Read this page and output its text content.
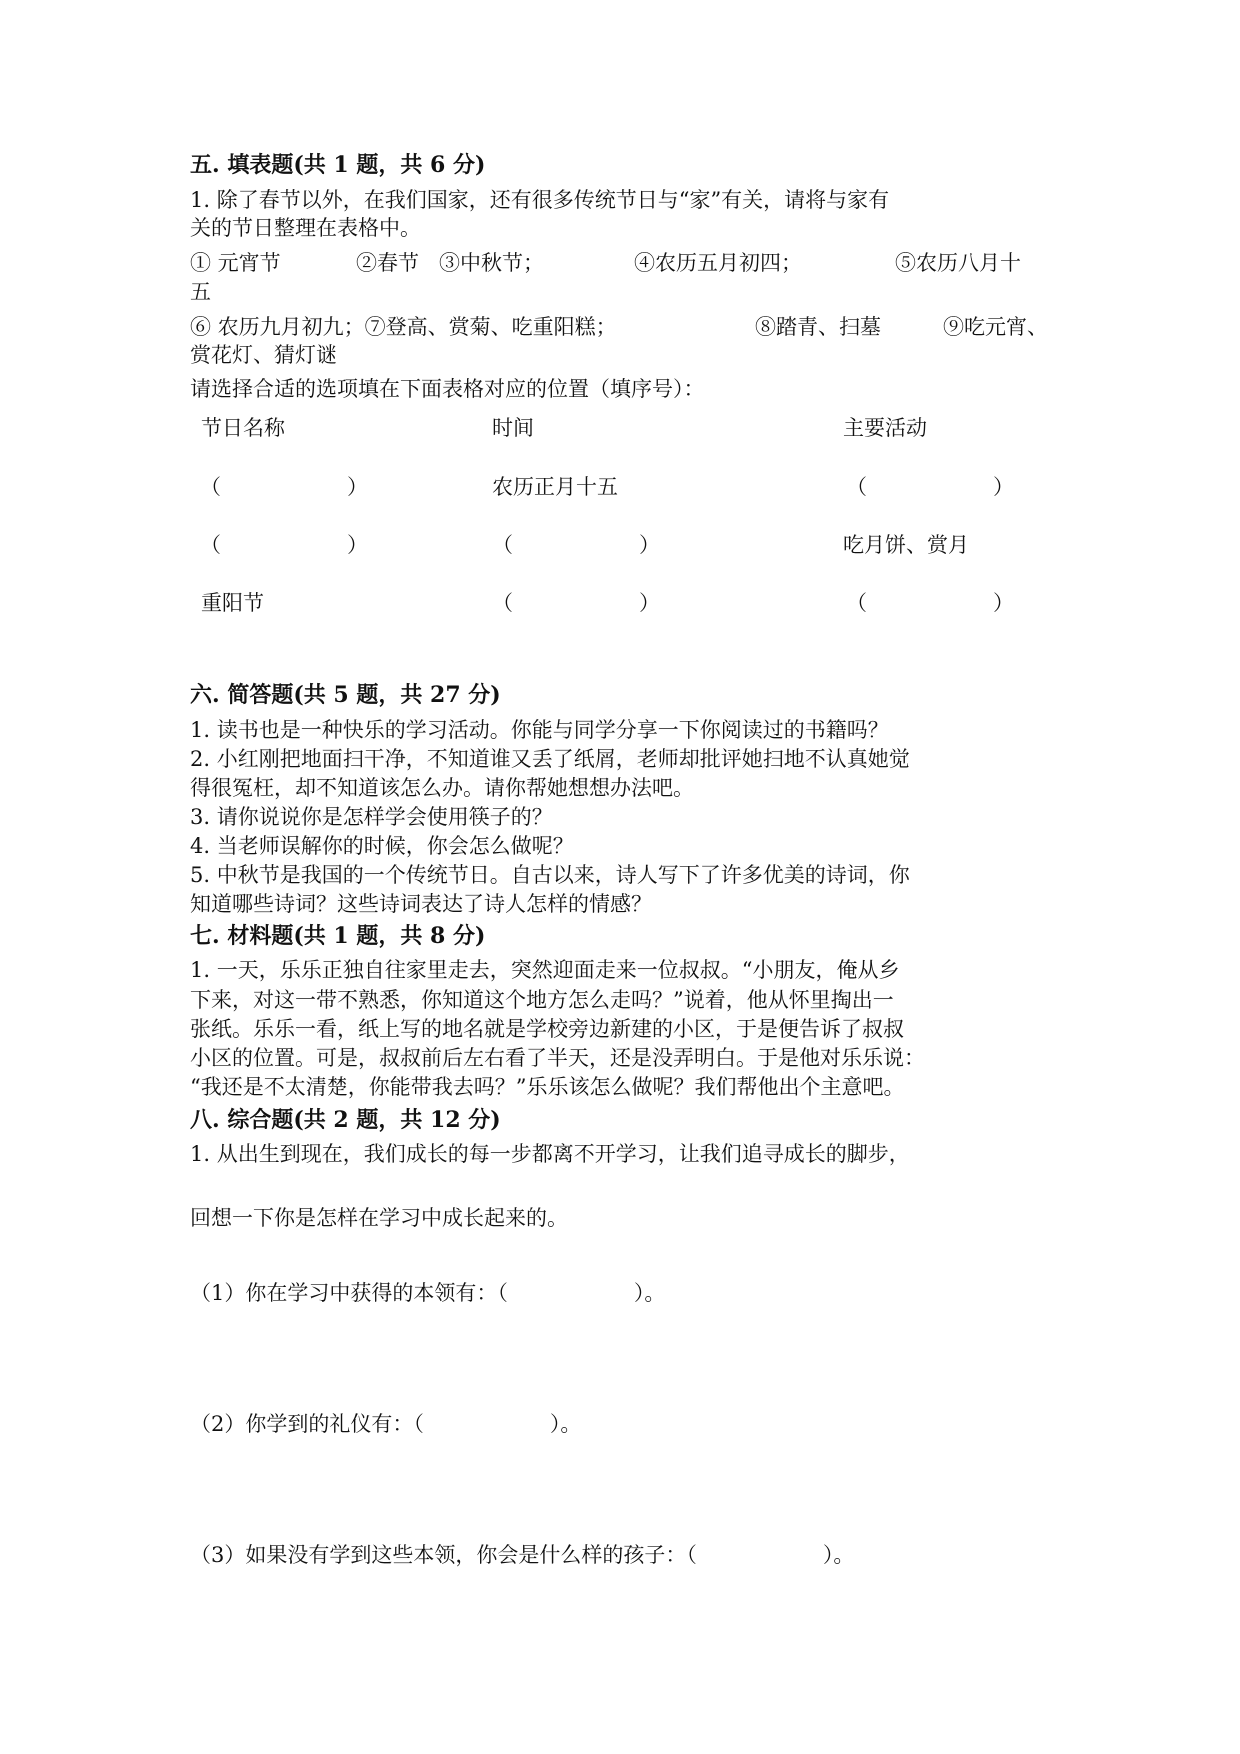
五. 填表题(共 1 题，共 6 分)
1. 除了春节以外，在我们国家，还有很多传统节日与“家”有关，请将与家有
关的节日整理在表格中。
① 元宵节	②春节 ③中秋节；	④农历五月初四；	⑤农历八月十
五
⑥ 农历九月初九；⑦登高、赏菊、吃重阳糕；	⑧踏青、扫墓	⑨吃元宵、
赏花灯、猜灯谜
请选择合适的选项填在下面表格对应的位置（填序号）：
节日名称	时间	主要活动
（　　　　　　）	农历正月十五	（　　　　　　）
（　　　　　　）	（　　　　　　）	吃月饼、赏月
重阳节	（　　　　　　）	（　　　　　　）
六. 简答题(共 5 题，共 27 分)
1. 读书也是一种快乐的学习活动。你能与同学分享一下你阅读过的书籍吗？
2. 小红刚把地面扫干净，不知道谁又丢了纸屑，老师却批评她扫地不认真她觉
得很冤枉，却不知道该怎么办。请你帮她想想办法吧。
3. 请你说说你是怎样学会使用筷子的？
4. 当老师误解你的时候，你会怎么做呢？
5. 中秋节是我国的一个传统节日。自古以来，诗人写下了许多优美的诗词，你
知道哪些诗词？这些诗词表达了诗人怎样的情感？
七. 材料题(共 1 题，共 8 分)
1. 一天，乐乐正独自往家里走去，突然迎面走来一位叔叔。“小朋友，俺从乡
下来，对这一带不熟悉，你知道这个地方怎么走吗？”说着，他从怀里掏出一
张纸。乐乐一看，纸上写的地名就是学校旁边新建的小区，于是便告诉了叔叔
小区的位置。可是，叔叔前后左右看了半天，还是没弄明白。于是他对乐乐说：
“我还是不太清楚，你能带我去吗？”乐乐该怎么做呢？我们帮他出个主意吧。
八. 综合题(共 2 题，共 12 分)
1. 从出生到现在，我们成长的每一步都离不开学习，让我们追寻成长的脚步，
回想一下你是怎样在学习中成长起来的。
（1）你在学习中获得的本领有：（　　　　　　）。
（2）你学到的礼仪有：（　　　　　　）。
（3）如果没有学到这些本领，你会是什么样的孩子：（　　　　　　）。
